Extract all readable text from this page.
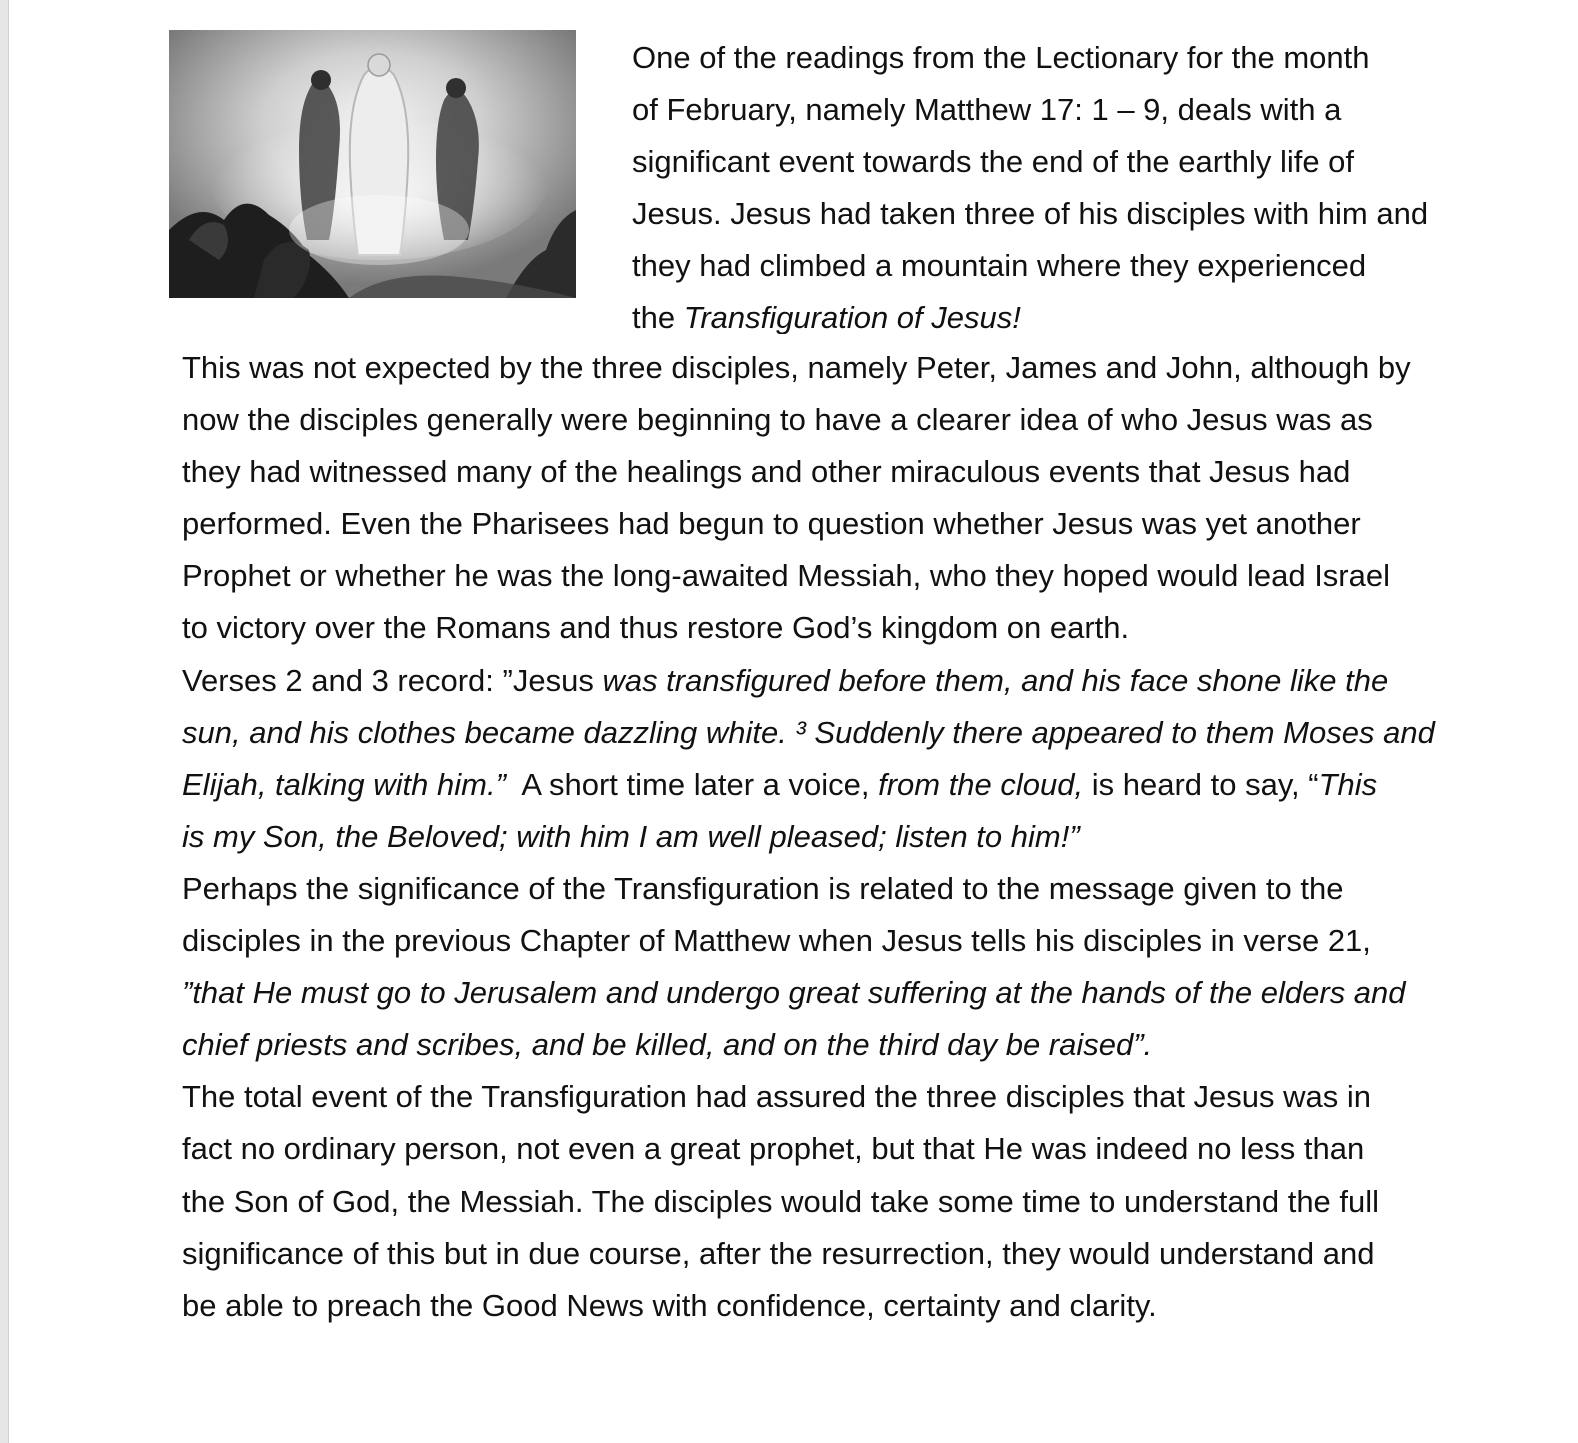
One of the readings from the Lectionary for the month
of February, namely Matthew 17: 1 – 9, deals with a
significant event towards the end of the earthly life of
Jesus. Jesus had taken three of his disciples with him and
they had climbed a mountain where they experienced
the Transfiguration of Jesus!
This was not expected by the three disciples, namely Peter, James and John, although by
now the disciples generally were beginning to have a clearer idea of who Jesus was as
they had witnessed many of the healings and other miraculous events that Jesus had
performed. Even the Pharisees had begun to question whether Jesus was yet another
Prophet or whether he was the long-awaited Messiah, who they hoped would lead Israel
to victory over the Romans and thus restore God’s kingdom on earth.
Verses 2 and 3 record: ”Jesus was transfigured before them, and his face shone like the
sun, and his clothes became dazzling white. ³ Suddenly there appeared to them Moses and
Elijah, talking with him.”  A short time later a voice, from the cloud, is heard to say, “This
is my Son, the Beloved; with him I am well pleased; listen to him!”
Perhaps the significance of the Transfiguration is related to the message given to the
disciples in the previous Chapter of Matthew when Jesus tells his disciples in verse 21,
”that He must go to Jerusalem and undergo great suffering at the hands of the elders and
chief priests and scribes, and be killed, and on the third day be raised”.
The total event of the Transfiguration had assured the three disciples that Jesus was in
fact no ordinary person, not even a great prophet, but that He was indeed no less than
the Son of God, the Messiah. The disciples would take some time to understand the full
significance of this but in due course, after the resurrection, they would understand and
be able to preach the Good News with confidence, certainty and clarity.
